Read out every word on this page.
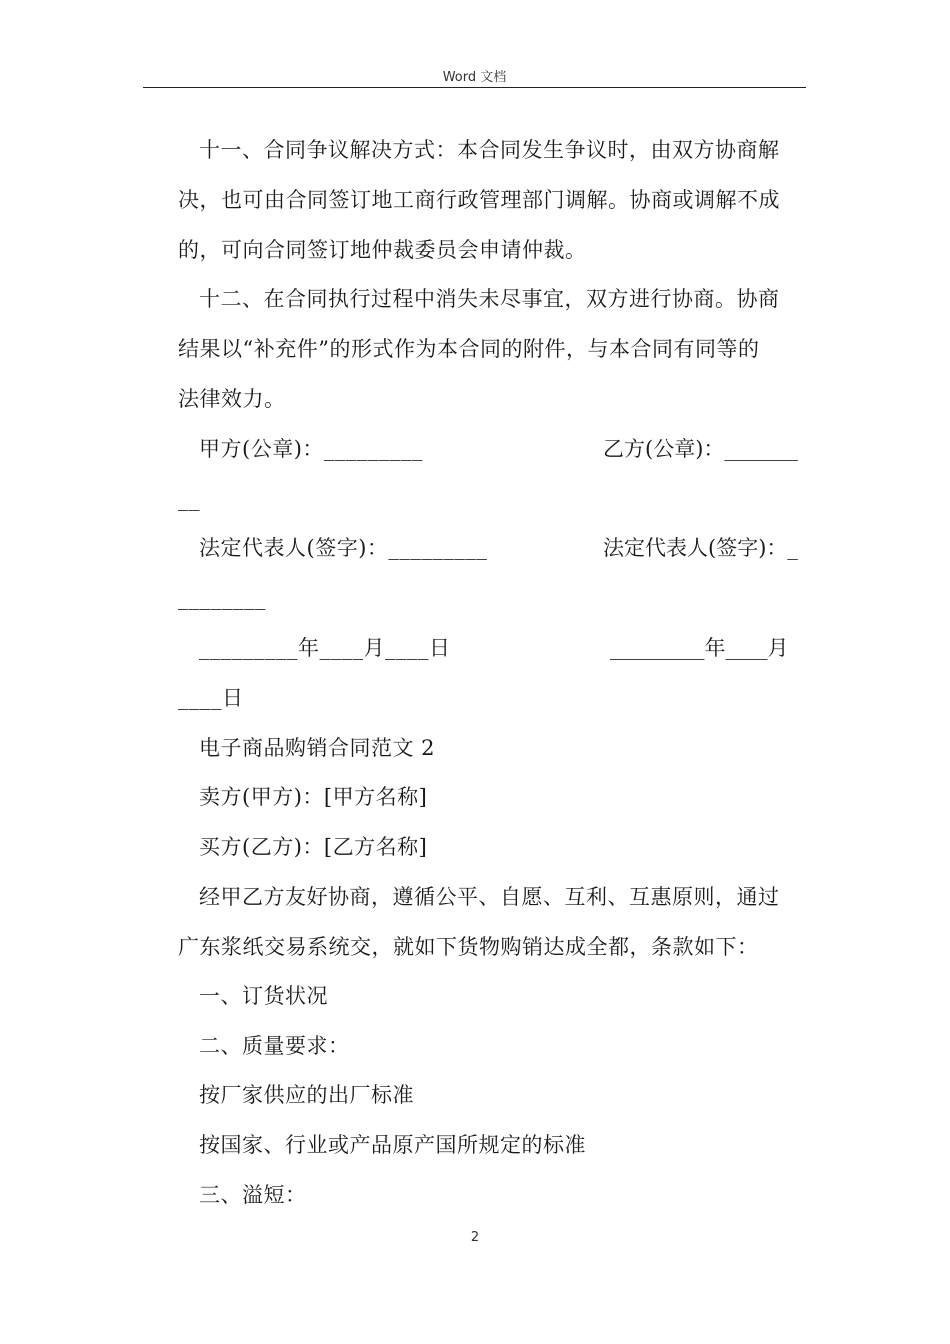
Word 文档
十一、合同争议解决方式：本合同发生争议时，由双方协商解
决，也可由合同签订地工商行政管理部门调解。协商或调解不成
的，可向合同签订地仲裁委员会申请仲裁。
十二、在合同执行过程中消失未尽事宜，双方进行协商。协商
结果以“补充件”的形式作为本合同的附件，与本合同有同等的
法律效力。
甲方(公章)：_________	乙方(公章)：_______
__
法定代表人(签字)：_________	法定代表人(签字)：_
________
_________年____月____日	_________年____月
____日
电子商品购销合同范文 2
卖方(甲方)：[甲方名称]
买方(乙方)：[乙方名称]
经甲乙方友好协商，遵循公平、自愿、互利、互惠原则，通过
广东浆纸交易系统交，就如下货物购销达成全都，条款如下：
一、订货状况
二、质量要求：
按厂家供应的出厂标准
按国家、行业或产品原产国所规定的标准
三、溢短：
2
